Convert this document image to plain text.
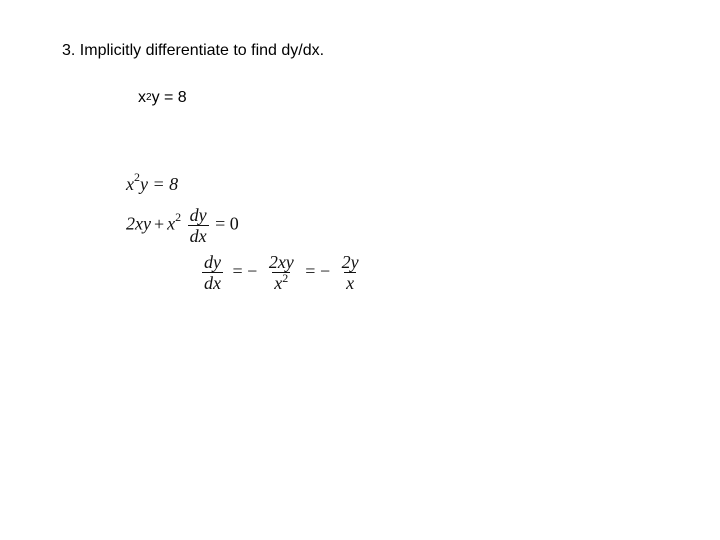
3. Implicitly differentiate to find dy/dx.
$x^2y = 8$
$x^2y = 8$
$2xy + x^2 \frac{dy}{dx} = 0$
$\frac{dy}{dx}$ = − $\frac{2xy}{x^2}$ = − $\frac{2y}{x}$
